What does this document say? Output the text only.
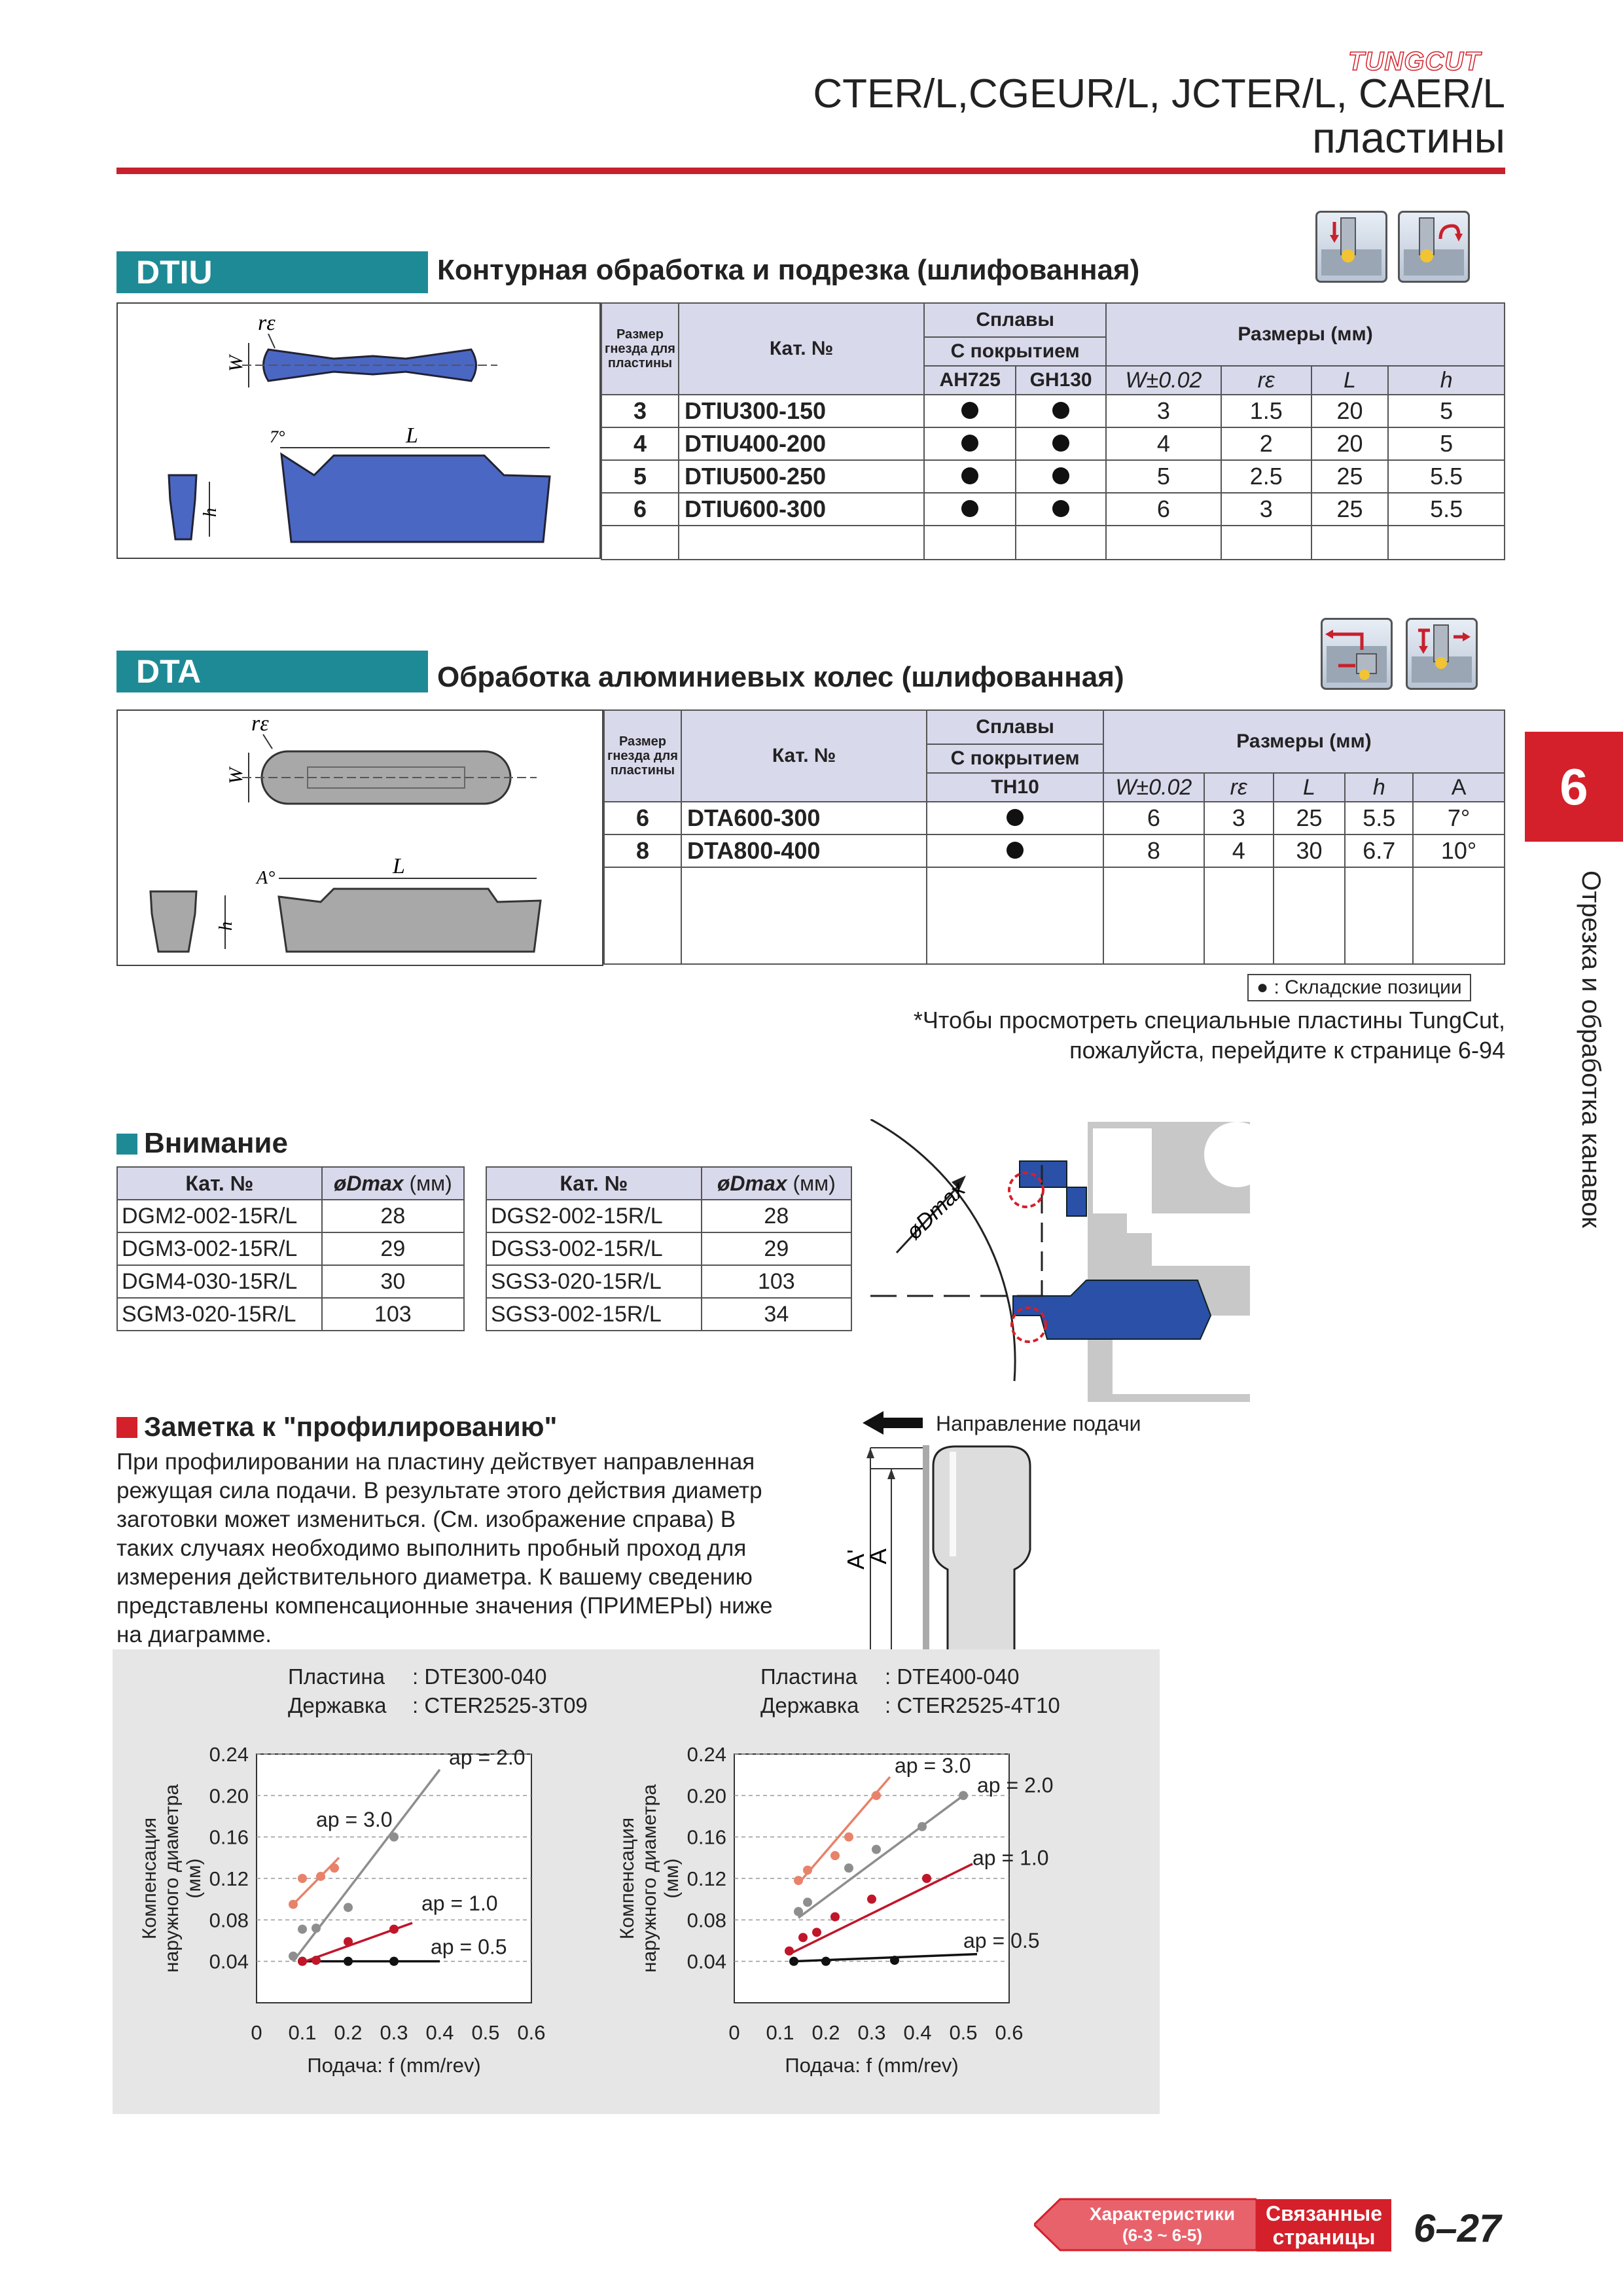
TUNGCUT
CTER/L,CGEUR/L, JCTER/L, CAER/L
пластины
6
Отрезка и обработка канавок
DTIU	Контурная обработка и подрезка (шлифованная)
rε
W
7°	L
h
Размер гнезда для пластины	Кат. №	Сплавы		Размеры (мм)			
		С покрытием					
		AH725	GH130	W±0.02	rε	L	h
3	DTIU300-150			3	1.5	20	5
4	DTIU400-200			4	2	20	5
5	DTIU500-250			5	2.5	25	5.5
6	DTIU600-300			6	3	25	5.5

DTA	Обработка алюминиевых колес (шлифованная)
rε
W
A°	L
h
Размер гнезда для пластины	Кат. №	Сплавы	Размеры (мм)				
		С покрытием					
		TH10	W±0.02	rε	L	h	A
6	DTA600-300		6	3	25	5.5	7°
8	DTA800-400		8	4	30	6.7	10°

● : Складские позиции
*Чтобы просмотреть специальные пластины TungCut,
пожалуйста, перейдите к странице 6-94
Внимание
Кат. №	øDmax (мм)
DGM2-002-15R/L	28
DGM3-002-15R/L	29
DGM4-030-15R/L	30
SGM3-020-15R/L	103
Кат. №	øDmax (мм)
DGS2-002-15R/L	28
DGS3-002-15R/L	29
SGS3-020-15R/L	103
SGS3-002-15R/L	34
øDmax
Заметка к "профилированию"
При профилировании на пластину действует направленная
режущая сила подачи. В результате этого действия диаметр
заготовки может измениться. (См. изображение справа) В
таких случаях необходимо выполнить пробный проход для
измерения действительного диаметра. К вашему сведению
представлены компенсационные значения (ПРИМЕРЫ) ниже
на диаграмме.
Направление подачи
A'
A
Пластина : DTE300-040
Державка : CTER2525-3T09
Пластина : DTE400-040
Державка : CTER2525-4T10
0.04
0.08
0.12
0.16
0.20
0.24
0 0.1 0.2 0.3 0.4 0.5 0.6
Подача: f (mm/rev)
Компенсация наружного диаметра (мм)
ap = 0.5
ap = 1.0
ap = 2.0
ap = 3.0
0.04
0.08
0.12
0.16
0.20
0.24
0 0.1 0.2 0.3 0.4 0.5 0.6
Подача: f (mm/rev)
Компенсация наружного диаметра (мм)
ap = 0.5
ap = 1.0
ap = 2.0
ap = 3.0
Характеристики
(6-3 ~ 6-5)
Связанные
страницы 6–27
